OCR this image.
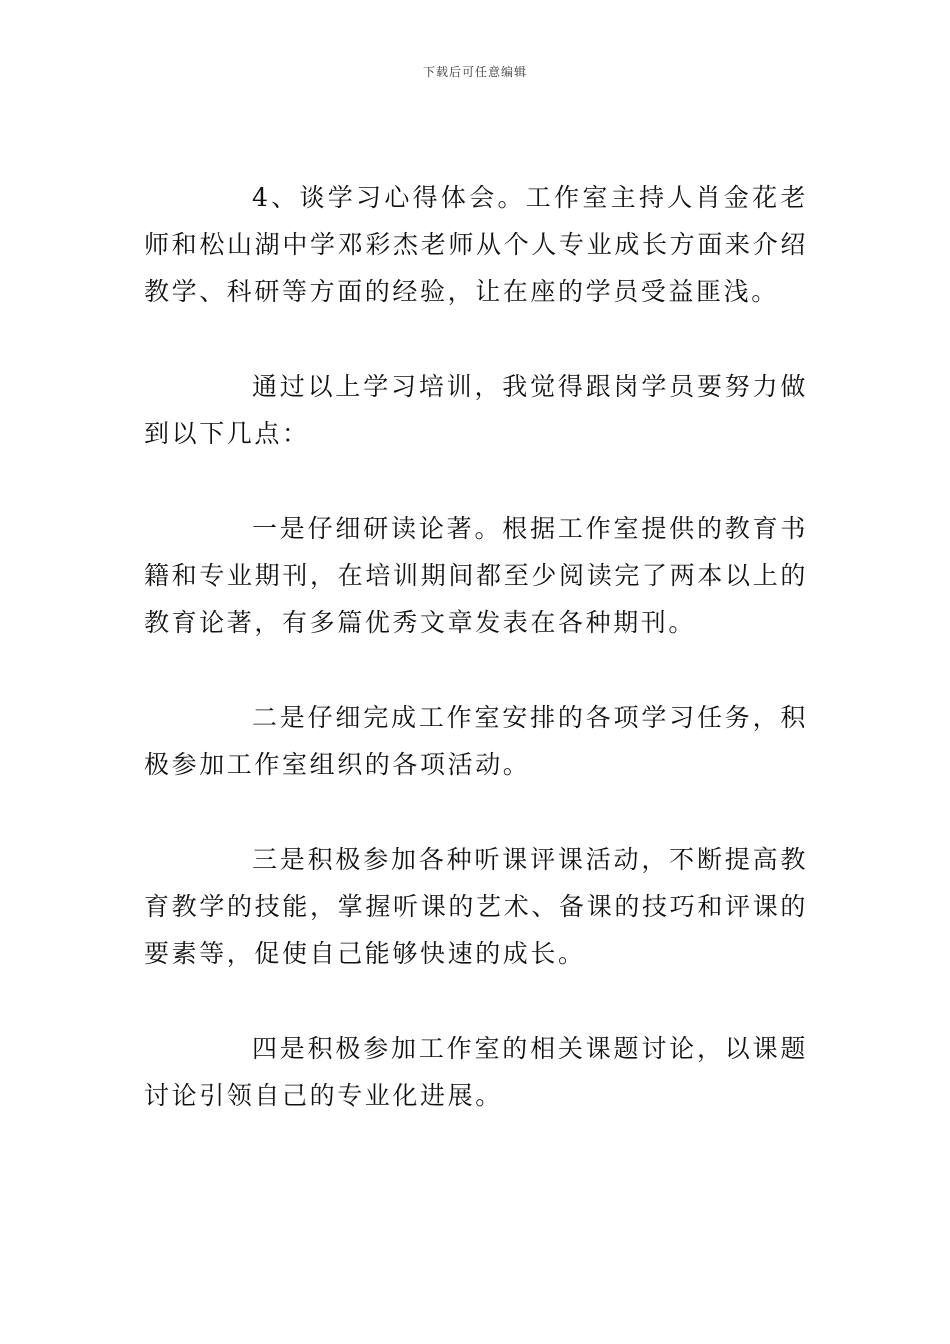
下载后可任意编辑

4、谈学习心得体会。工作室主持人肖金花老师和松山湖中学邓彩杰老师从个人专业成长方面来介绍教学、科研等方面的经验，让在座的学员受益匪浅。

通过以上学习培训，我觉得跟岗学员要努力做到以下几点：

一是仔细研读论著。根据工作室提供的教育书籍和专业期刊，在培训期间都至少阅读完了两本以上的教育论著，有多篇优秀文章发表在各种期刊。

二是仔细完成工作室安排的各项学习任务，积极参加工作室组织的各项活动。

三是积极参加各种听课评课活动，不断提高教育教学的技能，掌握听课的艺术、备课的技巧和评课的要素等，促使自己能够快速的成长。

四是积极参加工作室的相关课题讨论，以课题讨论引领自己的专业化进展。
